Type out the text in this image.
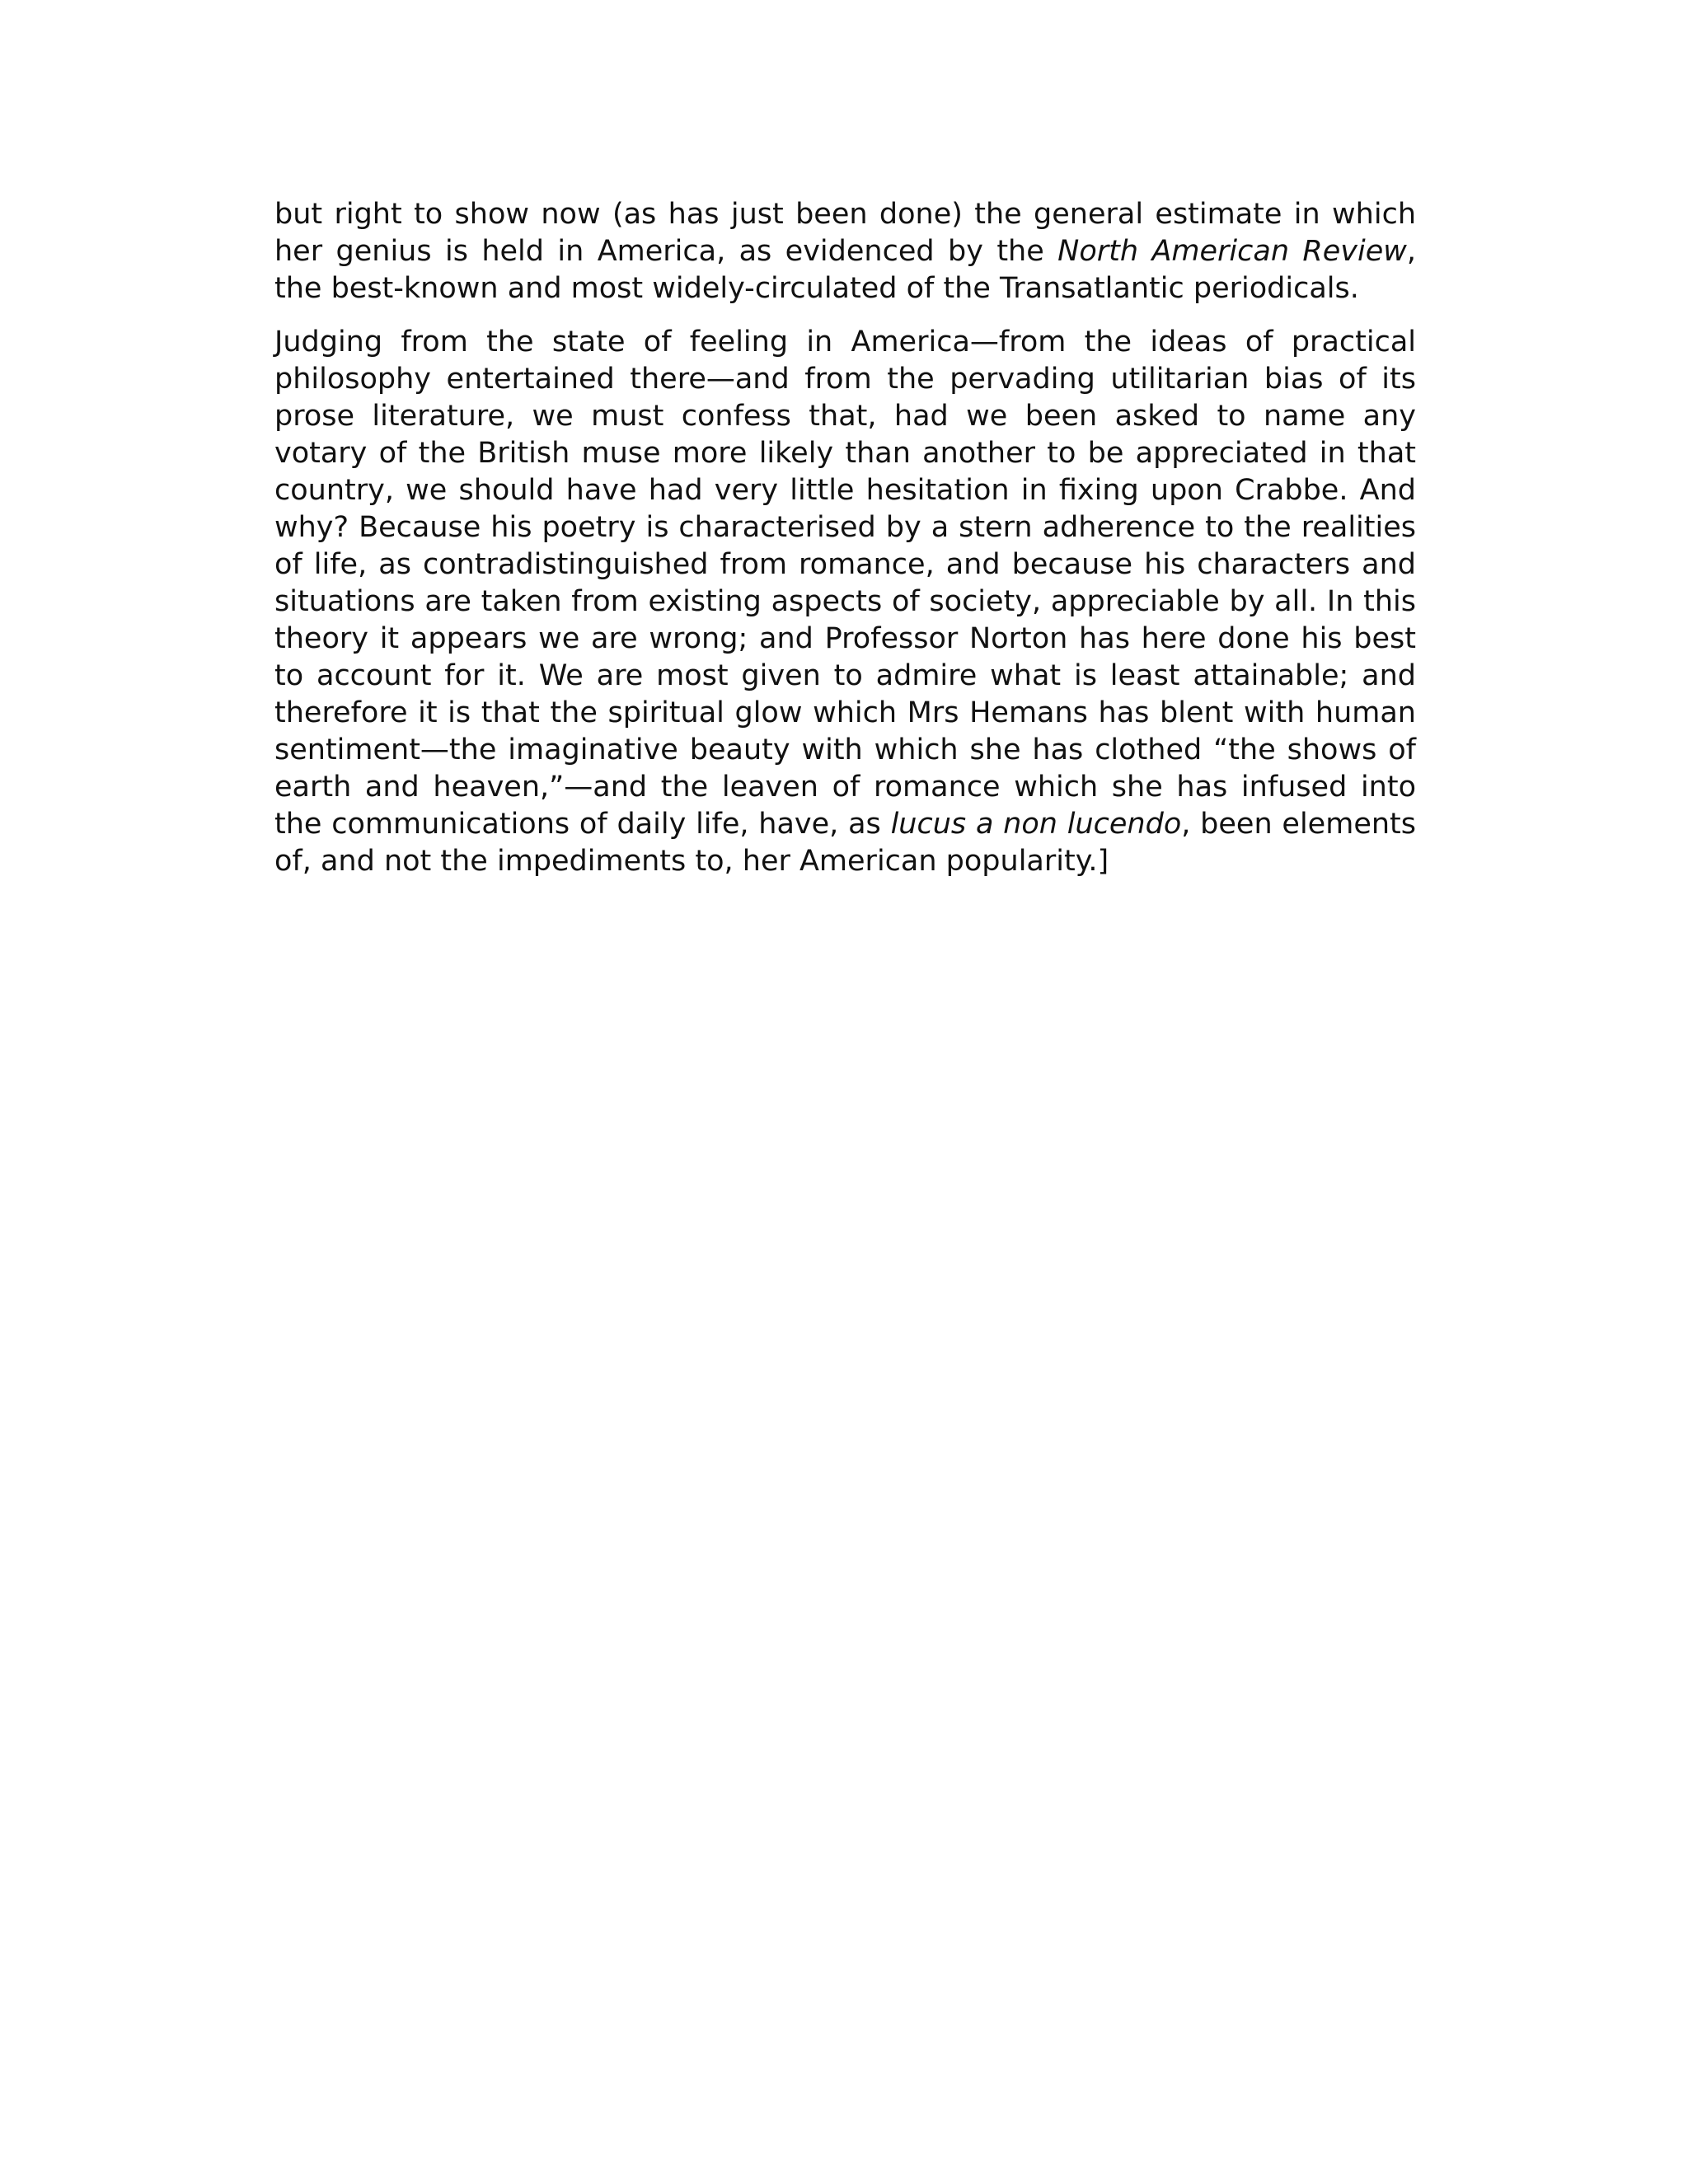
but right to show now (as has just been done) the general estimate in which her genius is held in America, as evidenced by the North American Review, the best-known and most widely-circulated of the Transatlantic periodicals.

Judging from the state of feeling in America—from the ideas of practical philosophy entertained there—and from the pervading utilitarian bias of its prose literature, we must confess that, had we been asked to name any votary of the British muse more likely than another to be appreciated in that country, we should have had very little hesitation in fixing upon Crabbe. And why? Because his poetry is characterised by a stern adherence to the realities of life, as contradistinguished from romance, and because his characters and situations are taken from existing aspects of society, appreciable by all. In this theory it appears we are wrong; and Professor Norton has here done his best to account for it. We are most given to admire what is least attainable; and therefore it is that the spiritual glow which Mrs Hemans has blent with human sentiment—the imaginative beauty with which she has clothed “the shows of earth and heaven,”—and the leaven of romance which she has infused into the communications of daily life, have, as lucus a non lucendo, been elements of, and not the impediments to, her American popularity.]
